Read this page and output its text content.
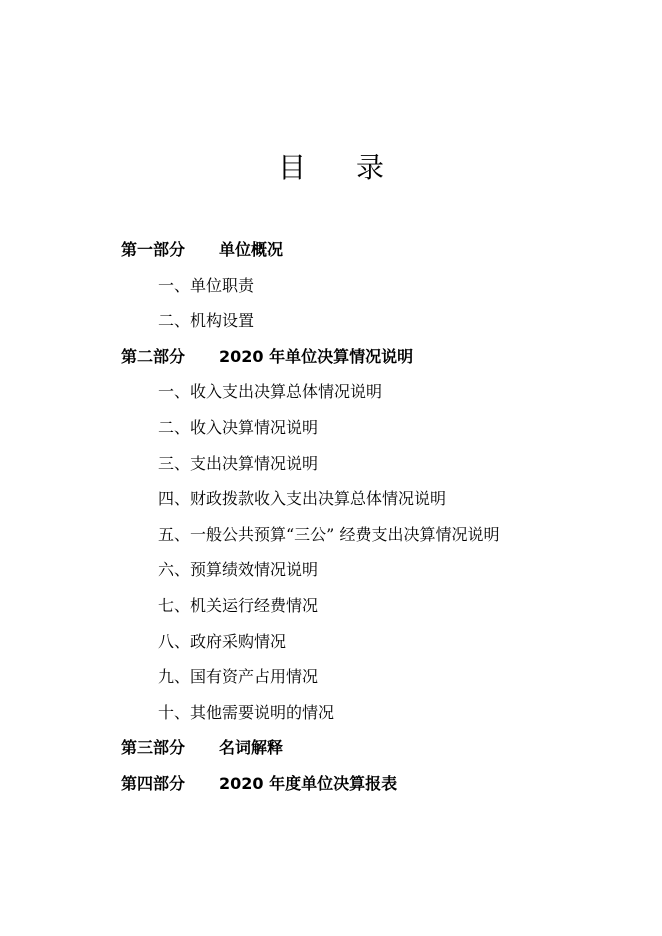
目 录
第一部分 单位概况
一、单位职责
二、机构设置
第二部分 2020 年单位决算情况说明
一、收入支出决算总体情况说明
二、收入决算情况说明
三、支出决算情况说明
四、财政拨款收入支出决算总体情况说明
五、一般公共预算“三公” 经费支出决算情况说明
六、预算绩效情况说明
七、机关运行经费情况
八、政府采购情况
九、国有资产占用情况
十、其他需要说明的情况
第三部分 名词解释
第四部分 2020 年度单位决算报表
